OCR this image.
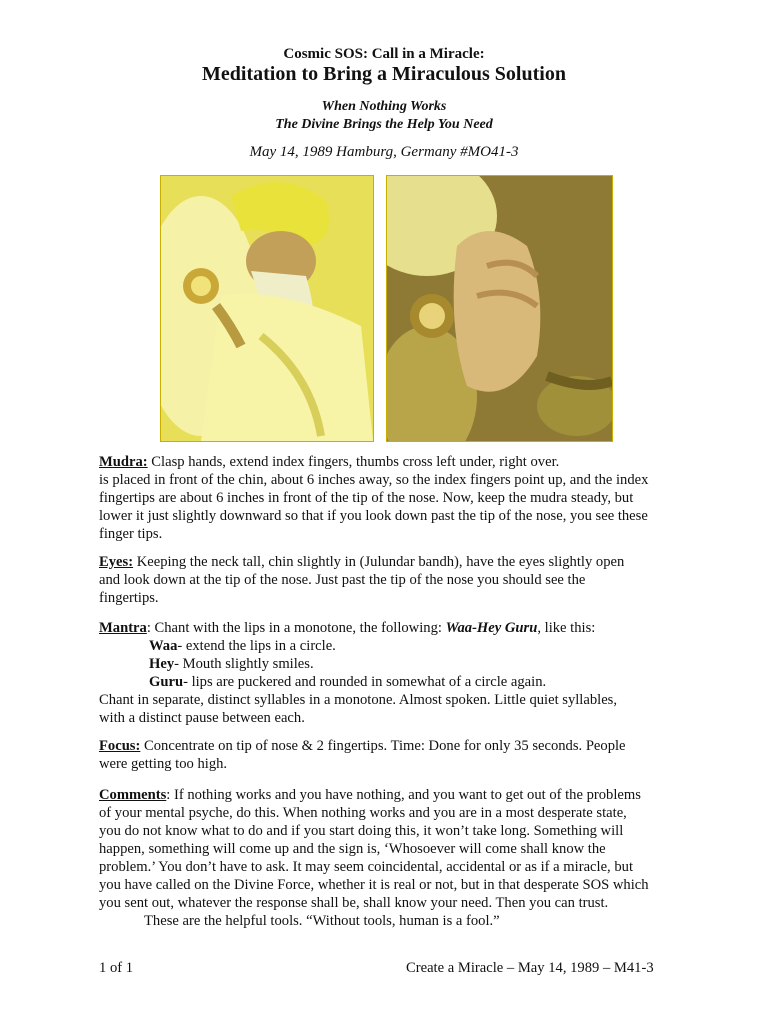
Cosmic SOS: Call in a Miracle:
Meditation to Bring a Miraculous Solution
When Nothing Works
The Divine Brings the Help You Need
May 14, 1989 Hamburg, Germany #MO41-3
Mudra: Clasp hands, extend index fingers, thumbs cross left under, right over.
is placed in front of the chin, about 6 inches away, so the index fingers point up, and the index
fingertips are about 6 inches in front of the tip of the nose. Now, keep the mudra steady, but
lower it just slightly downward so that if you look down past the tip of the nose, you see these
finger tips.
Eyes: Keeping the neck tall, chin slightly in (Julundar bandh), have the eyes slightly open
and look down at the tip of the nose. Just past the tip of the nose you should see the
fingertips.
Mantra: Chant with the lips in a monotone, the following: Waa-Hey Guru, like this:
Waa- extend the lips in a circle.
Hey- Mouth slightly smiles.
Guru- lips are puckered and rounded in somewhat of a circle again.
Chant in separate, distinct syllables in a monotone. Almost spoken. Little quiet syllables,
with a distinct pause between each.
Focus: Concentrate on tip of nose & 2 fingertips. Time: Done for only 35 seconds. People
were getting too high.
Comments: If nothing works and you have nothing, and you want to get out of the problems
of your mental psyche, do this. When nothing works and you are in a most desperate state,
you do not know what to do and if you start doing this, it won’t take long. Something will
happen, something will come up and the sign is, ‘Whosoever will come shall know the
problem.’ You don’t have to ask. It may seem coincidental, accidental or as if a miracle, but
you have called on the Divine Force, whether it is real or not, but in that desperate SOS which
you sent out, whatever the response shall be, shall know your need. Then you can trust.
These are the helpful tools. “Without tools, human is a fool.”
1 of 1	Create a Miracle – May 14, 1989 – M41-3
